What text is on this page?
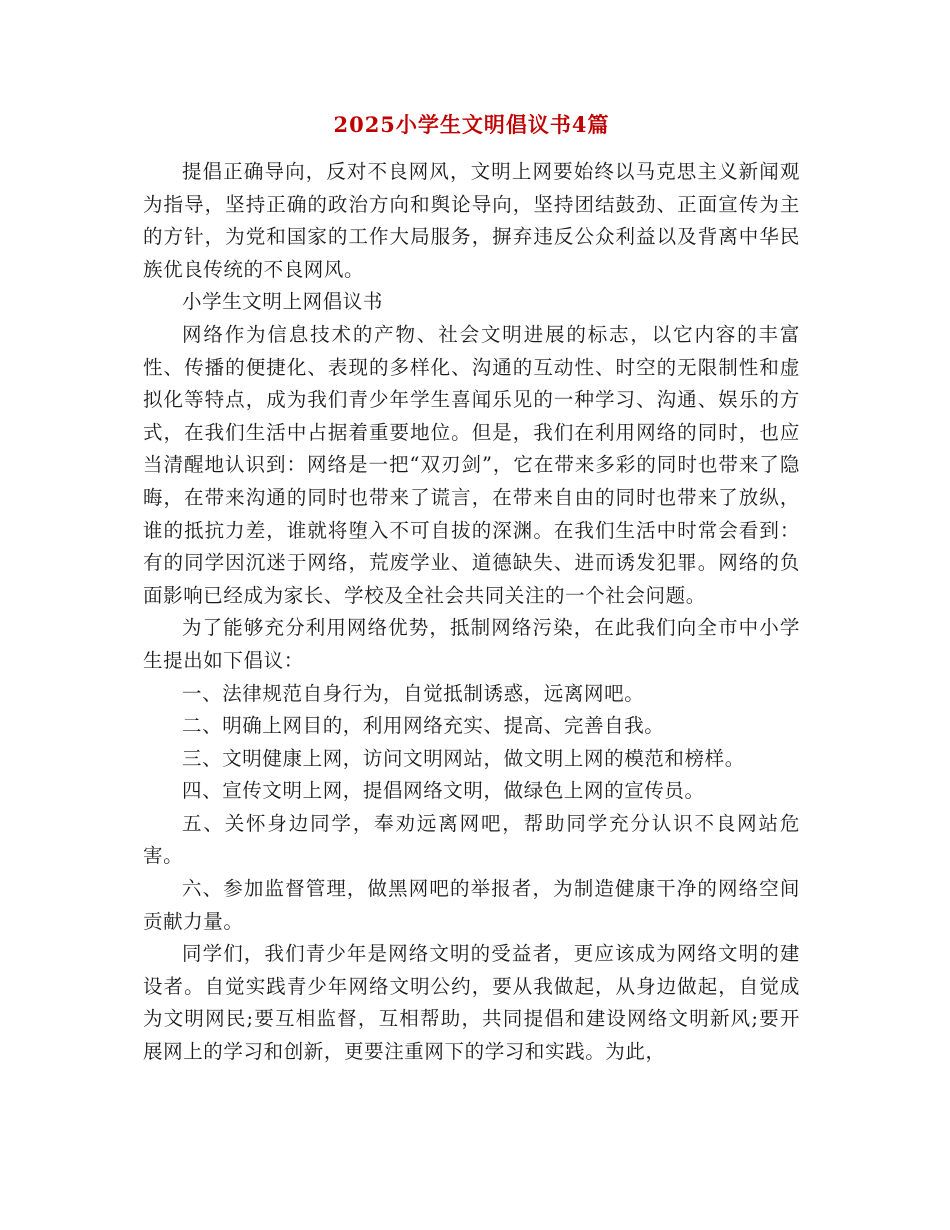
2025小学生文明倡议书4篇

提倡正确导向，反对不良网风，文明上网要始终以马克思主义新闻观为指导，坚持正确的政治方向和舆论导向，坚持团结鼓劲、正面宣传为主的方针，为党和国家的工作大局服务，摒弃违反公众利益以及背离中华民族优良传统的不良网风。

小学生文明上网倡议书

网络作为信息技术的产物、社会文明进展的标志，以它内容的丰富性、传播的便捷化、表现的多样化、沟通的互动性、时空的无限制性和虚拟化等特点，成为我们青少年学生喜闻乐见的一种学习、沟通、娱乐的方式，在我们生活中占据着重要地位。但是，我们在利用网络的同时，也应当清醒地认识到：网络是一把“双刃剑”，它在带来多彩的同时也带来了隐晦，在带来沟通的同时也带来了谎言，在带来自由的同时也带来了放纵，谁的抵抗力差，谁就将堕入不可自拔的深渊。在我们生活中时常会看到：有的同学因沉迷于网络，荒废学业、道德缺失、进而诱发犯罪。网络的负面影响已经成为家长、学校及全社会共同关注的一个社会问题。

为了能够充分利用网络优势，抵制网络污染，在此我们向全市中小学生提出如下倡议：

一、法律规范自身行为，自觉抵制诱惑，远离网吧。

二、明确上网目的，利用网络充实、提高、完善自我。

三、文明健康上网，访问文明网站，做文明上网的模范和榜样。

四、宣传文明上网，提倡网络文明，做绿色上网的宣传员。

五、关怀身边同学，奉劝远离网吧，帮助同学充分认识不良网站危害。

六、参加监督管理，做黑网吧的举报者，为制造健康干净的网络空间贡献力量。

同学们，我们青少年是网络文明的受益者，更应该成为网络文明的建设者。自觉实践青少年网络文明公约，要从我做起，从身边做起，自觉成为文明网民;要互相监督，互相帮助，共同提倡和建设网络文明新风;要开展网上的学习和创新，更要注重网下的学习和实践。为此，
